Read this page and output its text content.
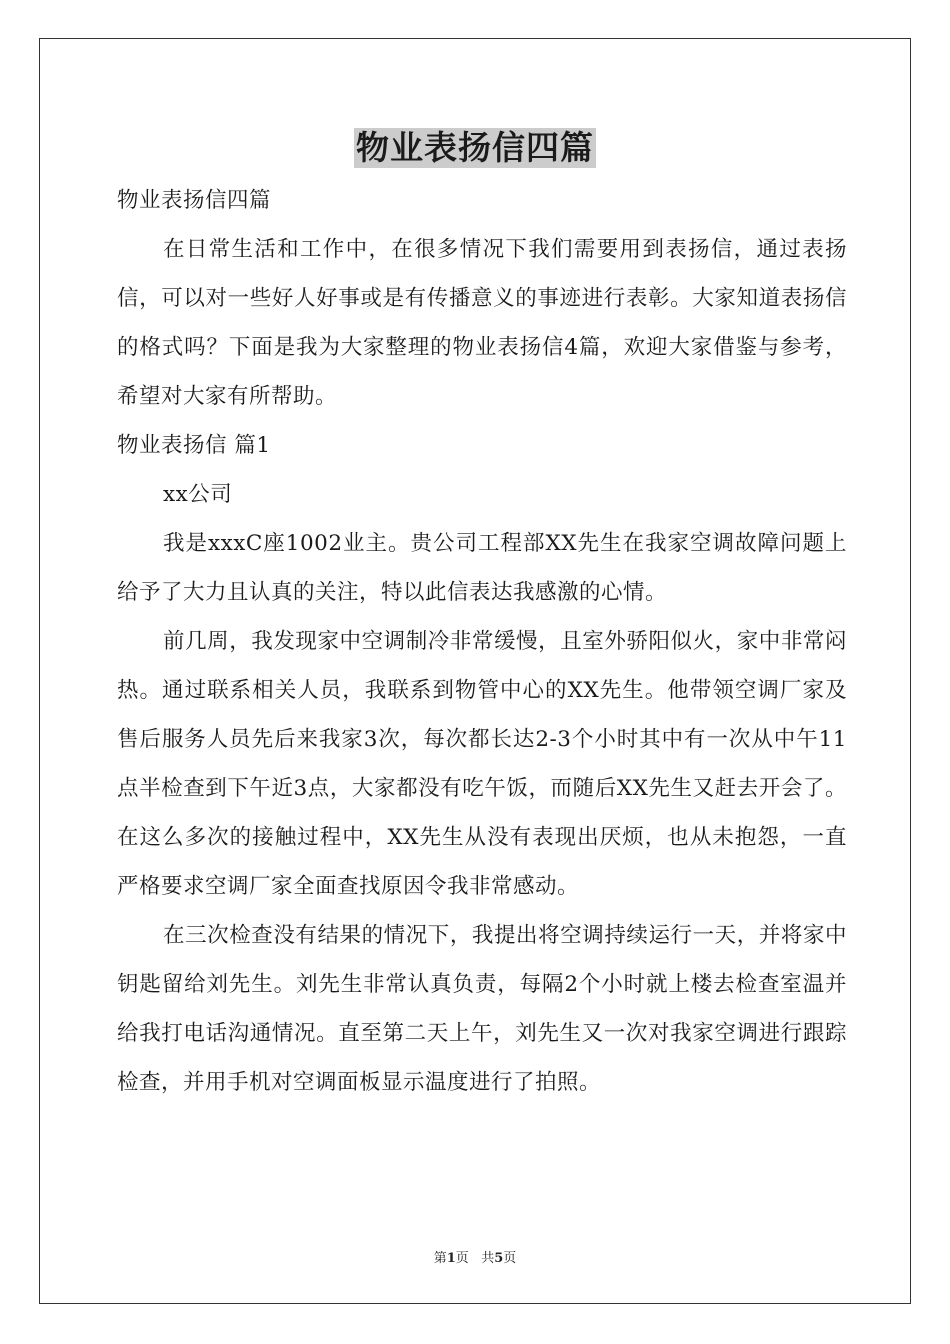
物业表扬信四篇

物业表扬信四篇

在日常生活和工作中，在很多情况下我们需要用到表扬信，通过表扬信，可以对一些好人好事或是有传播意义的事迹进行表彰。大家知道表扬信的格式吗？下面是我为大家整理的物业表扬信4篇，欢迎大家借鉴与参考，希望对大家有所帮助。

物业表扬信 篇1

xx公司

我是xxxC座1002业主。贵公司工程部XX先生在我家空调故障问题上给予了大力且认真的关注，特以此信表达我感激的心情。

前几周，我发现家中空调制冷非常缓慢，且室外骄阳似火，家中非常闷热。通过联系相关人员，我联系到物管中心的XX先生。他带领空调厂家及售后服务人员先后来我家3次，每次都长达2-3个小时其中有一次从中午11点半检查到下午近3点，大家都没有吃午饭，而随后XX先生又赶去开会了。在这么多次的接触过程中，XX先生从没有表现出厌烦，也从未抱怨，一直严格要求空调厂家全面查找原因令我非常感动。

在三次检查没有结果的情况下，我提出将空调持续运行一天，并将家中钥匙留给刘先生。刘先生非常认真负责，每隔2个小时就上楼去检查室温并给我打电话沟通情况。直至第二天上午，刘先生又一次对我家空调进行跟踪检查，并用手机对空调面板显示温度进行了拍照。

第1页 共5页
